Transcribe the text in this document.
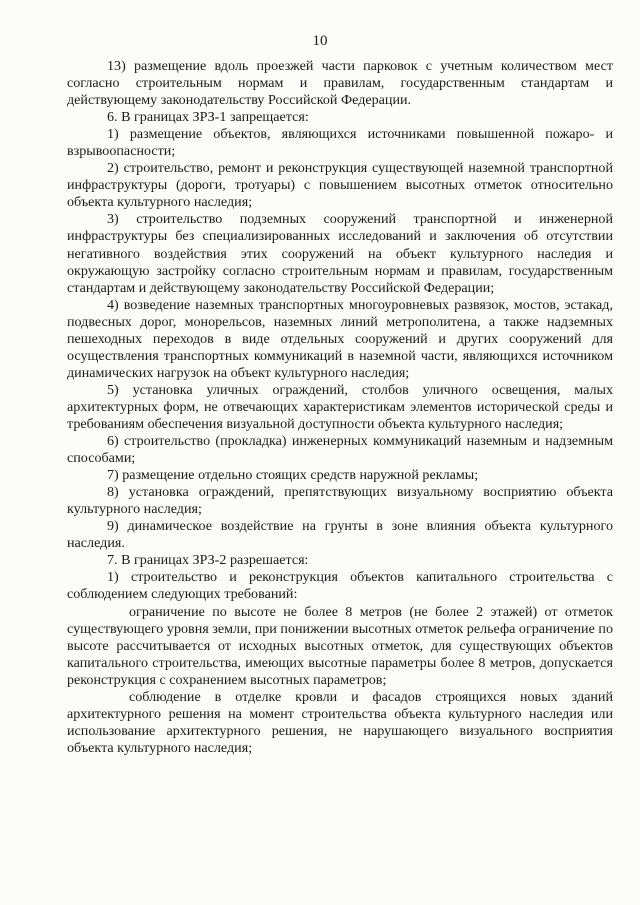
10

13) размещение вдоль проезжей части парковок с учетным количеством мест согласно строительным нормам и правилам, государственным стандартам и действующему законодательству Российской Федерации.

6. В границах ЗРЗ-1 запрещается:

1) размещение объектов, являющихся источниками повышенной пожаро- и взрывоопасности;

2) строительство, ремонт и реконструкция существующей наземной транспортной инфраструктуры (дороги, тротуары) с повышением высотных отметок относительно объекта культурного наследия;

3) строительство подземных сооружений транспортной и инженерной инфраструктуры без специализированных исследований и заключения об отсутствии негативного воздействия этих сооружений на объект культурного наследия и окружающую застройку согласно строительным нормам и правилам, государственным стандартам и действующему законодательству Российской Федерации;

4) возведение наземных транспортных многоуровневых развязок, мостов, эстакад, подвесных дорог, монорельсов, наземных линий метрополитена, а также надземных пешеходных переходов в виде отдельных сооружений и других сооружений для осуществления транспортных коммуникаций в наземной части, являющихся источником динамических нагрузок на объект культурного наследия;

5) установка уличных ограждений, столбов уличного освещения, малых архитектурных форм, не отвечающих характеристикам элементов исторической среды и требованиям обеспечения визуальной доступности объекта культурного наследия;

6) строительство (прокладка) инженерных коммуникаций наземным и надземным способами;

7) размещение отдельно стоящих средств наружной рекламы;

8) установка ограждений, препятствующих визуальному восприятию объекта культурного наследия;

9) динамическое воздействие на грунты в зоне влияния объекта культурного наследия.

7. В границах ЗРЗ-2 разрешается:

1) строительство и реконструкция объектов капитального строительства с соблюдением следующих требований:

ограничение по высоте не более 8 метров (не более 2 этажей) от отметок существующего уровня земли, при понижении высотных отметок рельефа ограничение по высоте рассчитывается от исходных высотных отметок, для существующих объектов капитального строительства, имеющих высотные параметры более 8 метров, допускается реконструкция с сохранением высотных параметров;

соблюдение в отделке кровли и фасадов строящихся новых зданий архитектурного решения на момент строительства объекта культурного наследия или использование архитектурного решения, не нарушающего визуального восприятия объекта культурного наследия;
